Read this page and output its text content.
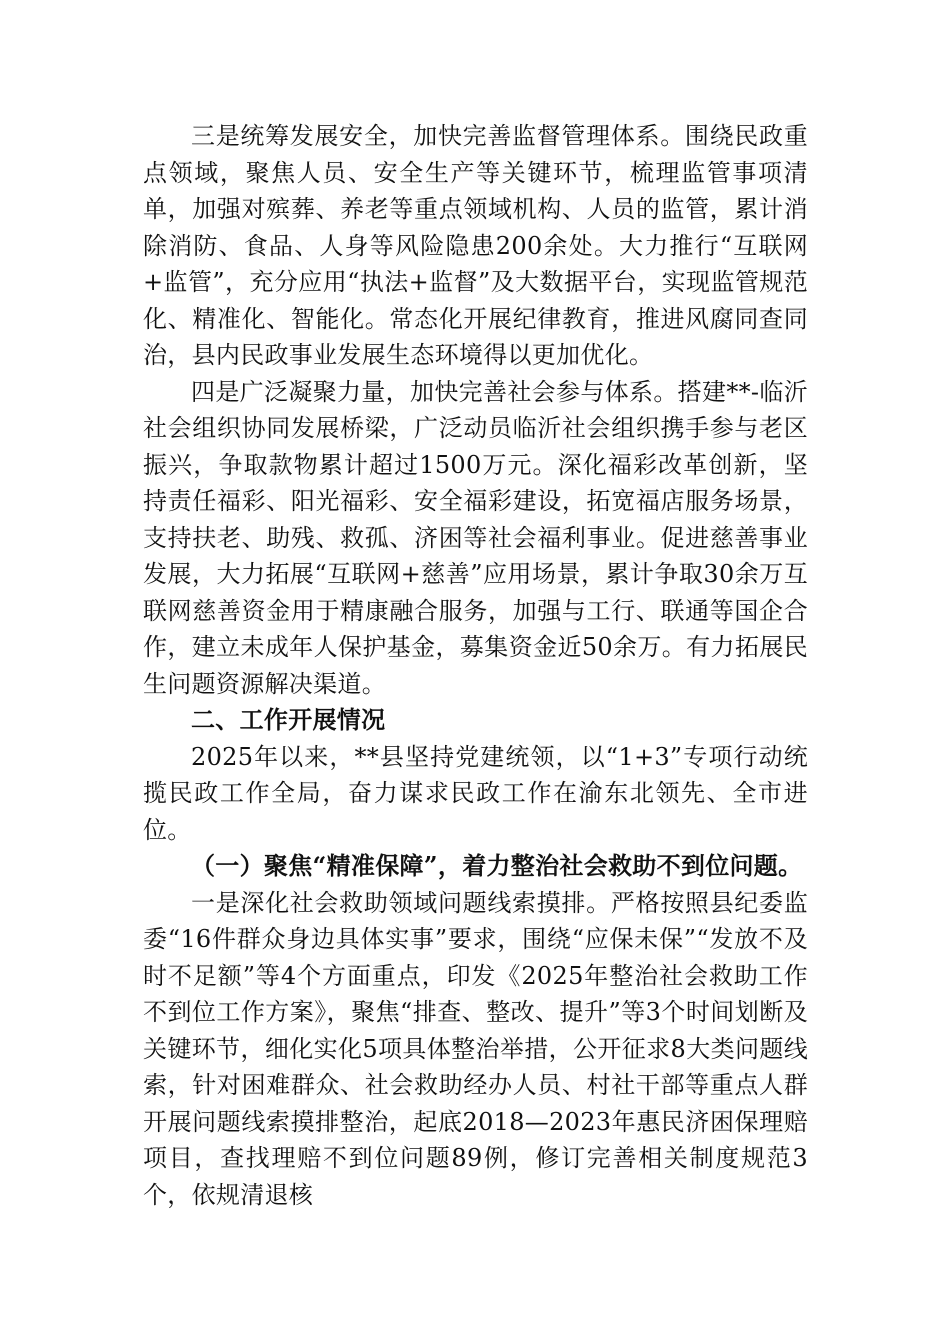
三是统筹发展安全，加快完善监督管理体系。围绕民政重点领域，聚焦人员、安全生产等关键环节，梳理监管事项清单，加强对殡葬、养老等重点领域机构、人员的监管，累计消除消防、食品、人身等风险隐患200余处。大力推行“互联网+监管”，充分应用“执法+监督”及大数据平台，实现监管规范化、精准化、智能化。常态化开展纪律教育，推进风腐同查同治，县内民政事业发展生态环境得以更加优化。

四是广泛凝聚力量，加快完善社会参与体系。搭建**-临沂社会组织协同发展桥梁，广泛动员临沂社会组织携手参与老区振兴，争取款物累计超过1500万元。深化福彩改革创新，坚持责任福彩、阳光福彩、安全福彩建设，拓宽福店服务场景，支持扶老、助残、救孤、济困等社会福利事业。促进慈善事业发展，大力拓展“互联网+慈善”应用场景，累计争取30余万互联网慈善资金用于精康融合服务，加强与工行、联通等国企合作，建立未成年人保护基金，募集资金近50余万。有力拓展民生问题资源解决渠道。

二、工作开展情况

2025年以来，**县坚持党建统领，以“1+3”专项行动统揽民政工作全局，奋力谋求民政工作在渝东北领先、全市进位。

（一）聚焦“精准保障”，着力整治社会救助不到位问题。

一是深化社会救助领域问题线索摸排。严格按照县纪委监委“16件群众身边具体实事”要求，围绕“应保未保”“发放不及时不足额”等4个方面重点，印发《2025年整治社会救助工作不到位工作方案》，聚焦“排查、整改、提升”等3个时间划断及关键环节，细化实化5项具体整治举措，公开征求8大类问题线索，针对困难群众、社会救助经办人员、村社干部等重点人群开展问题线索摸排整治，起底2018—2023年惠民济困保理赔项目，查找理赔不到位问题89例，修订完善相关制度规范3个，依规清退核
